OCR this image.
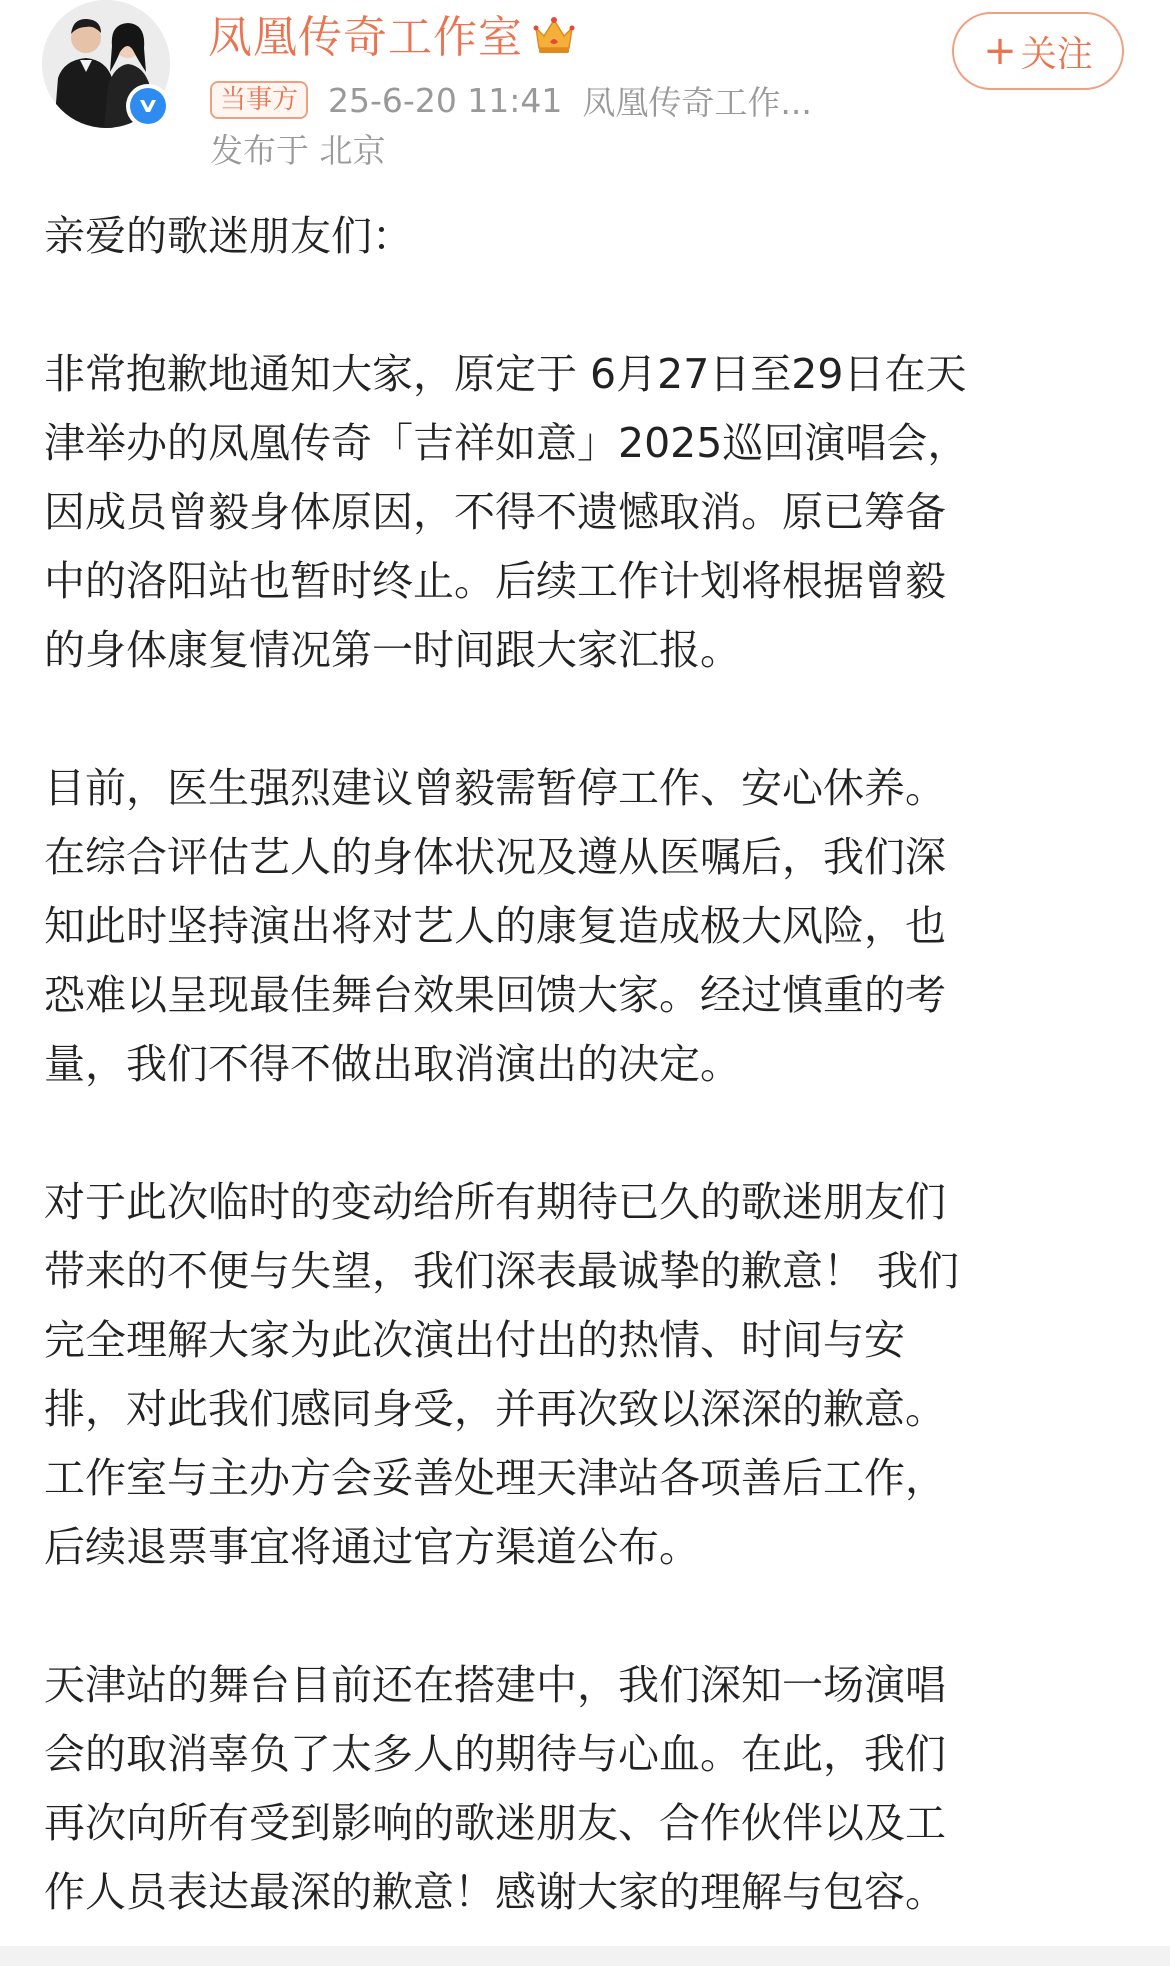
凤凰传奇工作室	+ 关注
当事方 25-6-20 11:41 凤凰传奇工作...
发布于 北京

亲爱的歌迷朋友们：

非常抱歉地通知大家，原定于 6月27日至29日在天
津举办的凤凰传奇「吉祥如意」2025巡回演唱会，
因成员曾毅身体原因，不得不遗憾取消。原已筹备
中的洛阳站也暂时终止。后续工作计划将根据曾毅
的身体康复情况第一时间跟大家汇报。

目前，医生强烈建议曾毅需暂停工作、安心休养。
在综合评估艺人的身体状况及遵从医嘱后，我们深
知此时坚持演出将对艺人的康复造成极大风险，也
恐难以呈现最佳舞台效果回馈大家。经过慎重的考
量，我们不得不做出取消演出的决定。

对于此次临时的变动给所有期待已久的歌迷朋友们
带来的不便与失望，我们深表最诚挚的歉意！ 我们
完全理解大家为此次演出付出的热情、时间与安
排，对此我们感同身受，并再次致以深深的歉意。
工作室与主办方会妥善处理天津站各项善后工作，
后续退票事宜将通过官方渠道公布。

天津站的舞台目前还在搭建中，我们深知一场演唱
会的取消辜负了太多人的期待与心血。在此，我们
再次向所有受到影响的歌迷朋友、合作伙伴以及工
作人员表达最深的歉意！感谢大家的理解与包容。
